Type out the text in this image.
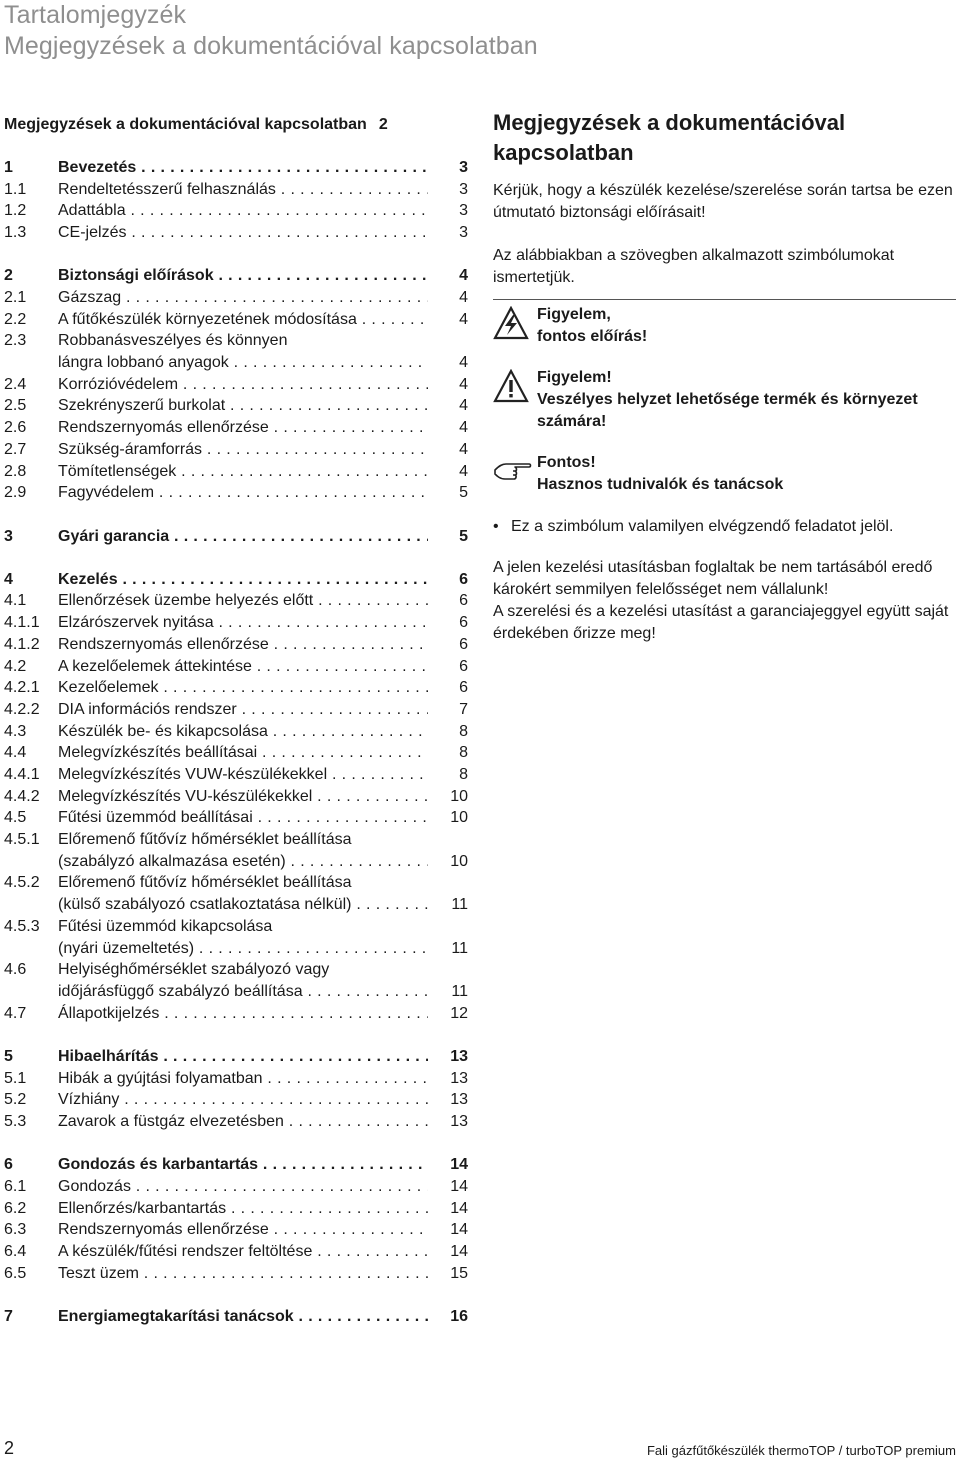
Tartalomjegyzék
Megjegyzések a dokumentációval kapcsolatban
Megjegyzések a dokumentációval kapcsolatban 2
1	Bevezetés . . .	3
1.1	Rendeltetésszerű felhasználás . . .	3
1.2	Adattábla . . .	3
1.3	CE-jelzés . . .	3
2	Biztonsági előírások . . .	4
2.1	Gázszag . . .	4
2.2	A fűtőkészülék környezetének módosítása . . .	4
2.3	Robbanásveszélyes és könnyen
lángra lobbanó anyagok . . .	4
2.4	Korrózióvédelem . . .	4
2.5	Szekrényszerű burkolat . . .	4
2.6	Rendszernyomás ellenőrzése . . .	4
2.7	Szükség-áramforrás . . .	4
2.8	Tömítetlenségek . . .	4
2.9	Fagyvédelem . . .	5
3	Gyári garancia . . .	5
4	Kezelés . . .	6
4.1	Ellenőrzések üzembe helyezés előtt . . .	6
4.1.1	Elzárószervek nyitása . . .	6
4.1.2	Rendszernyomás ellenőrzése . . .	6
4.2	A kezelőelemek áttekintése . . .	6
4.2.1	Kezelőelemek . . .	6
4.2.2	DIA információs rendszer . . .	7
4.3	Készülék be- és kikapcsolása . . .	8
4.4	Melegvízkészítés beállításai . . .	8
4.4.1	Melegvízkészítés VUW-készülékekkel . . .	8
4.4.2	Melegvízkészítés VU-készülékekkel . . .	10
4.5	Fűtési üzemmód beállításai . . .	10
4.5.1	Előremenő fűtővíz hőmérséklet beállítása
(szabályzó alkalmazása esetén) . . .	10
4.5.2	Előremenő fűtővíz hőmérséklet beállítása
(külső szabályozó csatlakoztatása nélkül) . . .	11
4.5.3	Fűtési üzemmód kikapcsolása
(nyári üzemeltetés) . . .	11
4.6	Helyiséghőmérséklet szabályozó vagy
időjárásfüggő szabályzó beállítása . . .	11
4.7	Állapotkijelzés . . .	12
5	Hibaelhárítás . . .	13
5.1	Hibák a gyújtási folyamatban . . .	13
5.2	Vízhiány . . .	13
5.3	Zavarok a füstgáz elvezetésben . . .	13
6	Gondozás és karbantartás . . .	14
6.1	Gondozás . . .	14
6.2	Ellenőrzés/karbantartás . . .	14
6.3	Rendszernyomás ellenőrzése . . .	14
6.4	A készülék/fűtési rendszer feltöltése . . .	14
6.5	Teszt üzem . . .	15
7	Energiamegtakarítási tanácsok . . .	16
Megjegyzések a dokumentációval kapcsolatban

Kérjük, hogy a készülék kezelése/szerelése során tartsa be ezen útmutató biztonsági előírásait!

Az alábbiakban a szövegben alkalmazott szimbólumokat ismertetjük.

Figyelem,
fontos előírás!
Figyelem!
Veszélyes helyzet lehetősége termék és környezet számára!
Fontos!
Hasznos tudnivalók és tanácsok
• Ez a szimbólum valamilyen elvégzendő feladatot jelöl.

A jelen kezelési utasításban foglaltak be nem tartásából eredő károkért semmilyen felelősséget nem vállalunk!

A szerelési és a kezelési utasítást a garanciajeggyel együtt saját érdekében őrizze meg!

2	Fali gázfűtőkészülék thermoTOP / turboTOP premium
